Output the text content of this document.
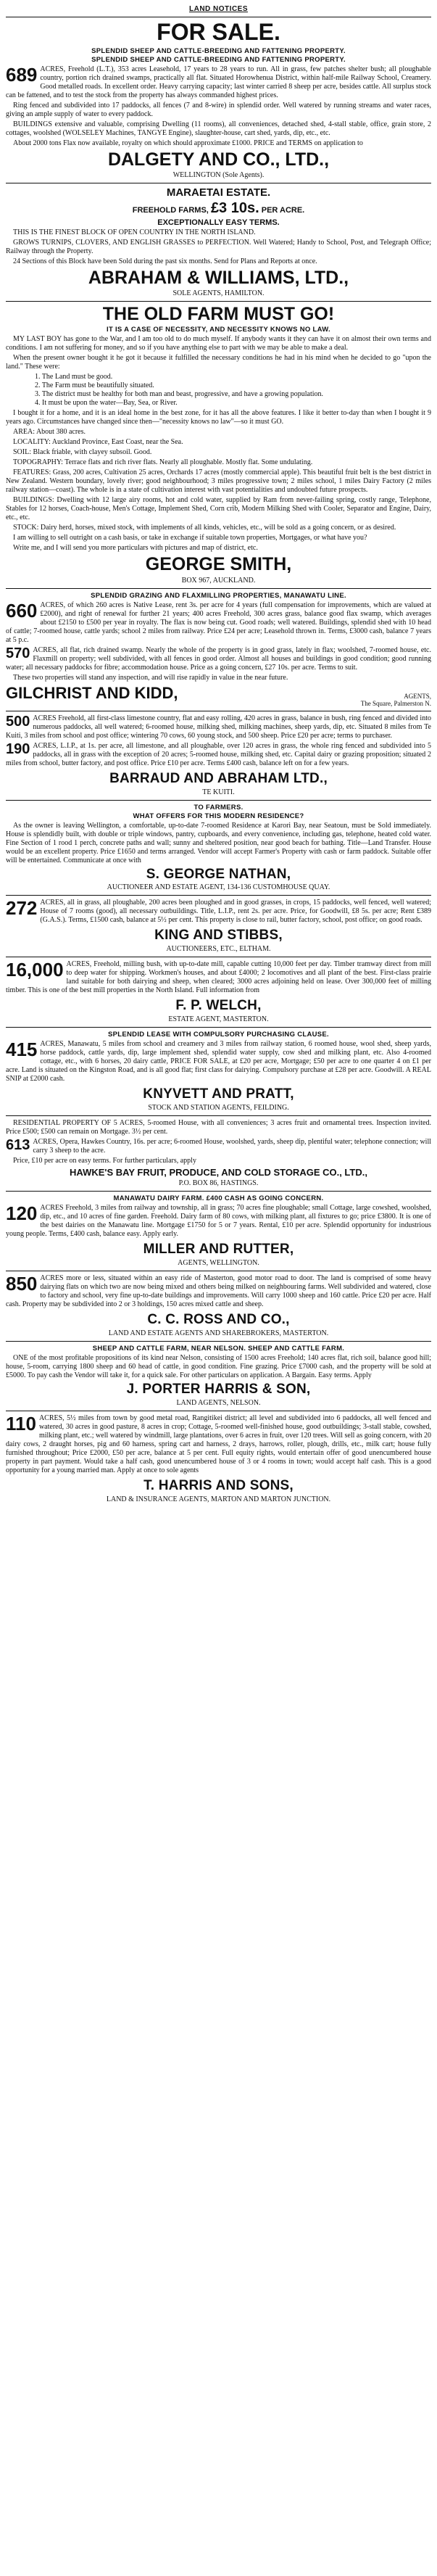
LAND NOTICES
FOR SALE.
SPLENDID SHEEP AND CATTLE-BREEDING AND FATTENING PROPERTY.
SPLENDID SHEEP AND CATTLE-BREEDING AND FATTENING PROPERTY.
689 ACRES, Freehold (L.T.), 353 acres Leasehold, 17 years to 28 years to run. All in grass, few patches shelter bush; all ploughable country, portion rich drained swamps, practically all flat. Situated Horowhenua District, within half-mile Railway School, Creamery. Good metalled roads. In excellent order. Heavy carrying capacity; last winter carried 8 sheep per acre, besides cattle. All surplus stock can be fattened, and to test the stock from the property has always commanded highest prices.

Ring fenced and subdivided into 17 paddocks, all fences (7 and 8-wire) in splendid order. Well watered by running streams and water races, giving an ample supply of water to every paddock.

BUILDINGS extensive and valuable, comprising Dwelling (11 rooms), all conveniences, detached shed, 4-stall stable, office, grain store, 2 cottages, woolshed (WOLSELEY Machines, TANGYE Engine), slaughter-house, cart shed, yards, dip, etc., etc.

About 2000 tons Flax now available, royalty on which should approximate £1000. PRICE and TERMS on application to

DALGETY AND CO., LTD.,
WELLINGTON (Sole Agents).
MARAETAI ESTATE.
FREEHOLD FARMS, £3 10s. PER ACRE.
EXCEPTIONALLY EASY TERMS.

THIS IS THE FINEST BLOCK OF OPEN COUNTRY IN THE NORTH ISLAND.

GROWS TURNIPS, CLOVERS, AND ENGLISH GRASSES to PERFECTION. Well Watered; Handy to School, Post, and Telegraph Office; Railway through the Property.

24 Sections of this Block have been Sold during the past six months. Send for Plans and Reports at once.

ABRAHAM & WILLIAMS, LTD.,
SOLE AGENTS, HAMILTON.
THE OLD FARM MUST GO!
IT IS A CASE OF NECESSITY, AND NECESSITY KNOWS NO LAW.

MY LAST BOY has gone to the War, and I am too old to do much myself. If anybody wants it they can have it on almost their own terms and conditions. I am not suffering for money, and so if you have anything else to part with we may be able to make a deal.

When the present owner bought it he got it because it fulfilled the necessary conditions he had in his mind when he decided to go "upon the land." These were:

1. The Land must be good.
2. The Farm must be beautifully situated.
3. The district must be healthy for both man and beast, progressive, and have a growing population.
4. It must be upon the water—Bay, Sea, or River.

I bought it for a home, and it is an ideal home in the best zone, for it has all the above features. I like it better to-day than when I bought it 9 years ago. Circumstances have changed since then—"necessity knows no law"—so it must GO.

AREA: About 380 acres.

LOCALITY: Auckland Province, East Coast, near the Sea.

SOIL: Black friable, with clayey subsoil. Good.

TOPOGRAPHY: Terrace flats and rich river flats. Nearly all ploughable. Mostly flat. Some undulating.

FEATURES: Grass, 200 acres, Cultivation 25 acres, Orchards 17 acres (mostly commercial apple). This beautiful fruit belt is the best district in New Zealand. Western boundary, lovely river; good neighbourhood; 3 miles progressive town; 2 miles school, 1 miles Dairy Factory (2 miles railway station—coast). The whole is in a state of cultivation interest with vast potentialities and undoubted future prospects.

BUILDINGS: Dwelling with 12 large airy rooms, hot and cold water, supplied by Ram from never-failing spring, costly range, Telephone, Stables for 12 horses, Coach-house, Men's Cottage, Implement Shed, Corn crib, Modern Milking Shed with Cooler, Separator and Engine, Dairy, etc., etc.

STOCK: Dairy herd, horses, mixed stock, with implements of all kinds, vehicles, etc., will be sold as a going concern, or as desired.

I am willing to sell outright on a cash basis, or take in exchange if suitable town properties, Mortgages, or what have you?

Write me, and I will send you more particulars with pictures and map of district, etc.

GEORGE SMITH,
BOX 967, AUCKLAND.
SPLENDID GRAZING AND FLAXMILLING PROPERTIES, MANAWATU LINE.
660 ACRES, of which 260 acres is Native Lease, rent 3s. per acre for 4 years (full compensation for improvements, which are valued at £2000), and right of renewal for further 21 years; 400 acres Freehold, 300 acres grass, balance good flax swamp, which averages about £2150 to £500 per year in royalty. The flax is now being cut. Good roads; well watered. Buildings, splendid shed with 10 head of cattle; 7-roomed house, cattle yards; school 2 miles from railway. Price £24 per acre; Leasehold thrown in. Terms, £3000 cash, balance 7 years at 5 p.c.

570 ACRES, all flat, rich drained swamp. Nearly the whole of the property is in good grass, lately in flax; woolshed, 7-roomed house, etc. Flaxmill on property; well subdivided, with all fences in good order. Almost all houses and buildings in good condition; good running water; all necessary paddocks for fibre; accommodation house. Price as a going concern, £27 10s. per acre. Terms to suit.

These two properties will stand any inspection, and will rise rapidly in value in the near future.

GILCHRIST AND KIDD,	AGENTS,
The Square, Palmerston N.
500 ACRES Freehold, all first-class limestone country, flat and easy rolling, 420 acres in grass, balance in bush, ring fenced and divided into numerous paddocks, all well watered; 6-roomed house, milking shed, milking machines, sheep yards, dip, etc. Situated 8 miles from Te Kuiti, 3 miles from school and post office; wintering 70 cows, 60 young stock, and 500 sheep. Price £20 per acre; terms to purchaser.

190 ACRES, L.I.P., at 1s. per acre, all limestone, and all ploughable, over 120 acres in grass, the whole ring fenced and subdivided into 5 paddocks, all in grass with the exception of 20 acres; 5-roomed house, milking shed, etc. Capital dairy or grazing proposition; situated 2 miles from school, butter factory, and post office. Price £10 per acre. Terms £400 cash, balance left on for a few years.

BARRAUD AND ABRAHAM LTD.,
TE KUITI.
TO FARMERS.
WHAT OFFERS FOR THIS MODERN RESIDENCE?

As the owner is leaving Wellington, a comfortable, up-to-date 7-roomed Residence at Karori Bay, near Seatoun, must be Sold immediately. House is splendidly built, with double or triple windows, pantry, cupboards, and every convenience, including gas, telephone, heated cold water. Fine Section of 1 rood 1 perch, concrete paths and wall; sunny and sheltered position, near good beach for bathing. Title—Land Transfer. House would be an excellent property. Price £1650 and terms arranged. Vendor will accept Farmer's Property with cash or farm paddock. Suitable offer will be entertained. Communicate at once with

S. GEORGE NATHAN,
AUCTIONEER AND ESTATE AGENT, 134-136 CUSTOMHOUSE QUAY.
272 ACRES, all in grass, all ploughable, 200 acres been ploughed and in good grasses, in crops, 15 paddocks, well fenced, well watered; House of 7 rooms (good), all necessary outbuildings. Title, L.I.P., rent 2s. per acre. Price, for Goodwill, £8 5s. per acre; Rent £389 (G.A.S.). Terms, £1500 cash, balance at 5½ per cent. This property is close to rail, butter factory, school, post office; on good roads.

KING AND STIBBS,
AUCTIONEERS, ETC., ELTHAM.
16,000 ACRES, Freehold, milling bush, with up-to-date mill, capable cutting 10,000 feet per day. Timber tramway direct from mill to deep water for shipping. Workmen's houses, and about £4000; 2 locomotives and all plant of the best. First-class prairie land suitable for both dairying and sheep, when cleared; 3000 acres adjoining held on lease. Over 300,000 feet of milling timber. This is one of the best mill properties in the North Island. Full information from

F. P. WELCH,
ESTATE AGENT, MASTERTON.
SPLENDID LEASE WITH COMPULSORY PURCHASING CLAUSE.
415 ACRES, Manawatu, 5 miles from school and creamery and 3 miles from railway station, 6 roomed house, wool shed, sheep yards, horse paddock, cattle yards, dip, large implement shed, splendid water supply, cow shed and milking plant, etc. Also 4-roomed cottage, etc., with 6 horses, 20 dairy cattle, PRICE FOR SALE, at £20 per acre, Mortgage; £50 per acre to one quarter 4 on £1 per acre. Land is situated on the Kingston Road, and is all good flat; first class for dairying. Compulsory purchase at £28 per acre. Goodwill. A REAL SNIP at £2000 cash.

KNYVETT AND PRATT,
STOCK AND STATION AGENTS, FEILDING.

RESIDENTIAL PROPERTY OF 5 ACRES, 5-roomed House, with all conveniences; 3 acres fruit and ornamental trees. Inspection invited. Price £500; £500 can remain on Mortgage. 3½ per cent.

613 ACRES, Opera, Hawkes Country, 16s. per acre; 6-roomed House, woolshed, yards, sheep dip, plentiful water; telephone connection; will carry 3 sheep to the acre.

Price, £10 per acre on easy terms. For further particulars, apply

HAWKE'S BAY FRUIT, PRODUCE, AND COLD STORAGE CO., LTD.,
P.O. BOX 86, HASTINGS.
MANAWATU DAIRY FARM. £400 CASH AS GOING CONCERN.
120 ACRES Freehold, 3 miles from railway and township, all in grass; 70 acres fine ploughable; small Cottage, large cowshed, woolshed, dip, etc., and 10 acres of fine garden. Freehold. Dairy farm of 80 cows, with milking plant, all fixtures to go; price £3800. It is one of the best dairies on the Manawatu line. Mortgage £1750 for 5 or 7 years. Rental, £10 per acre. Splendid opportunity for industrious young people. Terms, £400 cash, balance easy. Apply early.

MILLER AND RUTTER,
AGENTS, WELLINGTON.
850 ACRES more or less, situated within an easy ride of Masterton, good motor road to door. The land is comprised of some heavy dairying flats on which two are now being mixed and others being milked on neighbouring farms. Well subdivided and watered, close to factory and school, very fine up-to-date buildings and improvements. Will carry 1000 sheep and 160 cattle. Price £20 per acre. Half cash. Property may be subdivided into 2 or 3 holdings, 150 acres mixed cattle and sheep.

C. C. ROSS AND CO.,
LAND AND ESTATE AGENTS AND SHAREBROKERS, MASTERTON.
SHEEP AND CATTLE FARM, NEAR NELSON. SHEEP AND CATTLE FARM.

ONE of the most profitable propositions of its kind near Nelson, consisting of 1500 acres Freehold; 140 acres flat, rich soil, balance good hill; house, 5-room, carrying 1800 sheep and 60 head of cattle, in good condition. Fine grazing. Price £7000 cash, and the property will be sold at £5000. To pay cash the Vendor will take it, for a quick sale. For other particulars on application. A Bargain. Easy terms. Apply

J. PORTER HARRIS & SON,
LAND AGENTS, NELSON.
110 ACRES, 5½ miles from town by good metal road, Rangitikei district; all level and subdivided into 6 paddocks, all well fenced and watered, 30 acres in good pasture, 8 acres in crop; Cottage, 5-roomed well-finished house, good outbuildings; 3-stall stable, cowshed, milking plant, etc.; well watered by windmill, large plantations, over 6 acres in fruit, over 120 trees. Will sell as going concern, with 20 dairy cows, 2 draught horses, pig and 60 harness, spring cart and harness, 2 drays, harrows, roller, plough, drills, etc., milk cart; house fully furnished throughout; Price £2000, £50 per acre, balance at 5 per cent. Full equity rights, would entertain offer of good unencumbered house property in part payment. Would take a half cash, good unencumbered house of 3 or 4 rooms in town; would accept half cash. This is a good opportunity for a young married man. Apply at once to sole agents

T. HARRIS AND SONS,
LAND & INSURANCE AGENTS, MARTON AND MARTON JUNCTION.
